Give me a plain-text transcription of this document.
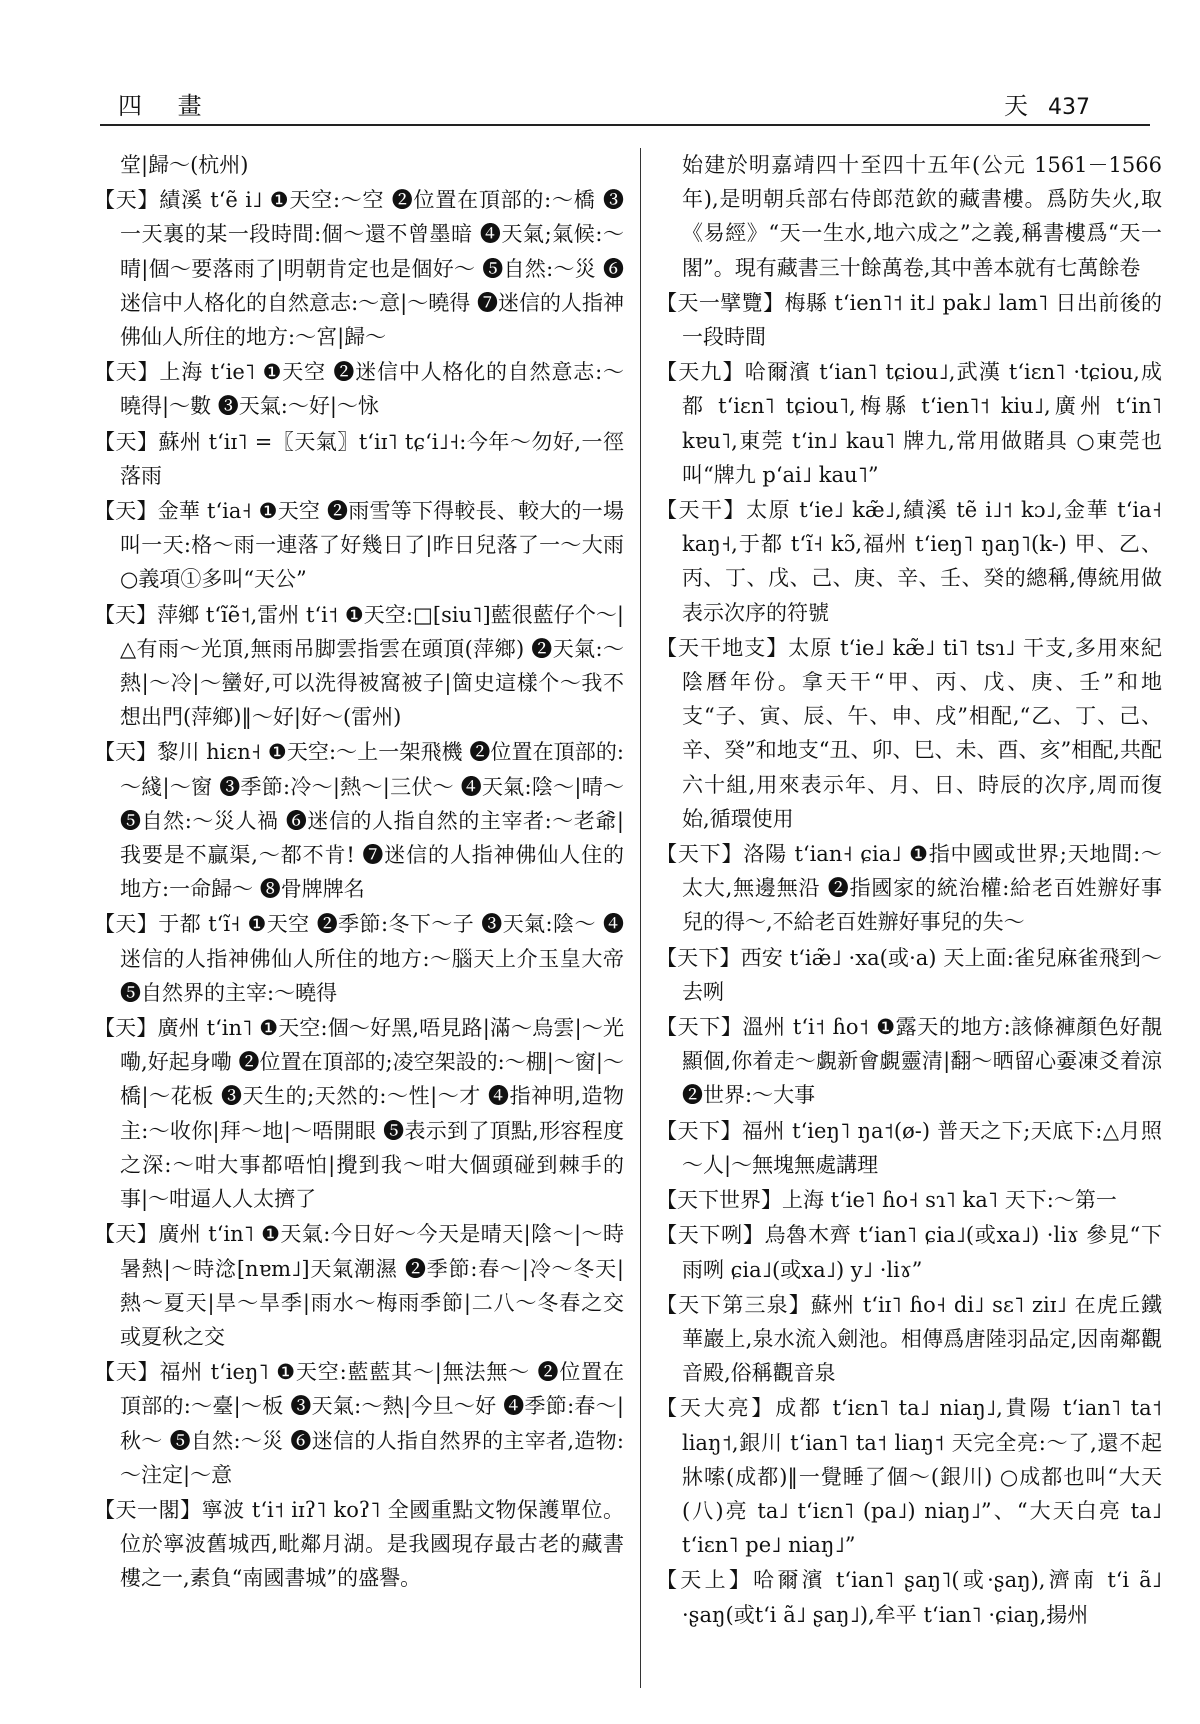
四 畫	天 437

堂|歸～(杭州)

【天】績溪 tʻẽ i˩ ❶天空:～空 ❷位置在頂部的:～橋 ❸一天裏的某一段時間:個～還不曾墨暗 ❹天氣;氣候:～晴|個～要落雨了|明朝肯定也是個好～ ❺自然:～災 ❻迷信中人格化的自然意志:～意|～曉得 ❼迷信的人指神佛仙人所住的地方:～宮|歸～

【天】上海 tʻie˥ ❶天空 ❷迷信中人格化的自然意志:～曉得|～數 ❸天氣:～好|～怺

【天】蘇州 tʻiɪ˥ =〖天氣〗tʻiɪ˥ tɕʻi˩˧:今年～勿好,一徑落雨

【天】金華 tʻia˧ ❶天空 ❷雨雪等下得較長、較大的一場叫一天:格～雨一連落了好幾日了|昨日兒落了一～大雨 ○義項①多叫“天公”

【天】萍鄉 tʻĩẽ˦,雷州 tʻi˦ ❶天空:□[siu˥]藍很藍仔个～|△有雨～光頂,無雨吊脚雲指雲在頭頂(萍鄉) ❷天氣:～熱|～冷|～蠻好,可以洗得被窩被子|箇史這樣个～我不想出門(萍鄉)‖～好|好～(雷州)

【天】黎川 hiɛn˧ ❶天空:～上一架飛機 ❷位置在頂部的:～綫|～窗 ❸季節:冷～|熱～|三伏～ ❹天氣:陰～|晴～ ❺自然:～災人禍 ❻迷信的人指自然的主宰者:～老爺|我要是不贏渠,～都不肯! ❼迷信的人指神佛仙人住的地方:一命歸～ ❽骨牌牌名

【天】于都 tʻĩ˧ ❶天空 ❷季節:冬下～子 ❸天氣:陰～ ❹迷信的人指神佛仙人所住的地方:～腦天上介玉皇大帝 ❺自然界的主宰:～曉得

【天】廣州 tʻin˥ ❶天空:個～好黑,唔見路|滿～烏雲|～光嘞,好起身嘞 ❷位置在頂部的;凌空架設的:～棚|～窗|～橋|～花板 ❸天生的;天然的:～性|～才 ❹指神明,造物主:～收你|拜～地|～唔開眼 ❺表示到了頂點,形容程度之深:～咁大事都唔怕|攪到我～咁大個頭碰到棘手的事|～咁逼人人太擠了

【天】廣州 tʻin˥ ❶天氣:今日好～今天是晴天|陰～|～時暑熱|～時淰[nɐm˩]天氣潮濕 ❷季節:春～|冷～冬天|熱～夏天|旱～旱季|雨水～梅雨季節|二八～冬春之交或夏秋之交

【天】福州 tʻieŋ˥ ❶天空:藍藍其～|無法無～ ❷位置在頂部的:～臺|～板 ❸天氣:～熱|今旦～好 ❹季節:春～|秋～ ❺自然:～災 ❻迷信的人指自然界的主宰者,造物:～注定|～意

【天一閣】寧波 tʻi˦ iɪʔ˥ koʔ˥ 全國重點文物保護單位。位於寧波舊城西,毗鄰月湖。是我國現存最古老的藏書樓之一,素負“南國書城”的盛譽。

始建於明嘉靖四十至四十五年(公元 1561－1566年),是明朝兵部右侍郎范欽的藏書樓。爲防失火,取《易經》“天一生水,地六成之”之義,稱書樓爲“天一閣”。現有藏書三十餘萬卷,其中善本就有七萬餘卷

【天一擘覽】梅縣 tʻien˥˦ it˩ pak˩ lam˥ 日出前後的一段時間

【天九】哈爾濱 tʻian˥ tɕiou˩,武漢 tʻiɛn˥ ·tɕiou,成都 tʻiɛn˥ tɕiou˥,梅縣 tʻien˥˦ kiu˩,廣州 tʻin˥ kɐu˥,東莞 tʻin˩ kau˥ 牌九,常用做賭具 ○東莞也叫“牌九 pʻai˩ kau˥”

【天干】太原 tʻie˩ kæ̃˩,績溪 tẽ i˩˦ kɔ˩,金華 tʻia˧ kaŋ˧,于都 tʻĩ˧ kɔ̃,福州 tʻieŋ˥ ŋaŋ˥(k-) 甲、乙、丙、丁、戊、己、庚、辛、壬、癸的總稱,傳統用做表示次序的符號

【天干地支】太原 tʻie˩ kæ̃˩ ti˥ tsɿ˩ 干支,多用來紀陰曆年份。拿天干“甲、丙、戊、庚、壬”和地支“子、寅、辰、午、申、戌”相配,“乙、丁、己、辛、癸”和地支“丑、卯、巳、未、酉、亥”相配,共配六十組,用來表示年、月、日、時辰的次序,周而復始,循環使用

【天下】洛陽 tʻian˧ ɕia˩ ❶指中國或世界;天地間:～太大,無邊無沿 ❷指國家的統治權:給老百姓辦好事兒的得～,不給老百姓辦好事兒的失～

【天下】西安 tʻiæ̃˩ ·xa(或·a) 天上面:雀兒麻雀飛到～去咧

【天下】溫州 tʻi˦ ɦo˦ ❶露天的地方:該條褲顏色好靚顯個,你着走～覷新會覷靈清|翻～晒留心嫑凍爻着涼 ❷世界:～大事

【天下】福州 tʻieŋ˥ ŋa˦(ø-) 普天之下;天底下:△月照～人|～無塊無處講理

【天下世界】上海 tʻie˥ ɦo˧ sɿ˥ ka˥ 天下:～第一

【天下咧】烏魯木齊 tʻian˥ ɕia˩(或xa˩) ·liɤ 參見“下雨咧 ɕia˩(或xa˩) y˩ ·liɤ”

【天下第三泉】蘇州 tʻiɪ˥ ɦo˧ di˩ sɛ˥ ziɪ˩ 在虎丘鐵華巖上,泉水流入劍池。相傳爲唐陸羽品定,因南鄰觀音殿,俗稱觀音泉

【天大亮】成都 tʻiɛn˥ ta˩ niaŋ˩,貴陽 tʻian˥ ta˦ liaŋ˦,銀川 tʻian˥ ta˦ liaŋ˦ 天完全亮:～了,還不起牀嗦(成都)‖一覺睡了個～(銀川) ○成都也叫“大天(八)亮 ta˩ tʻiɛn˥ (pa˩) niaŋ˩”、“大天白亮 ta˩ tʻiɛn˥ pe˩ niaŋ˩”

【天上】哈爾濱 tʻian˥ ʂaŋ˥(或·ʂaŋ),濟南 tʻi ã˩ ·ʂaŋ(或tʻi ã˩ ʂaŋ˩),牟平 tʻian˥ ·ɕiaŋ,揚州
